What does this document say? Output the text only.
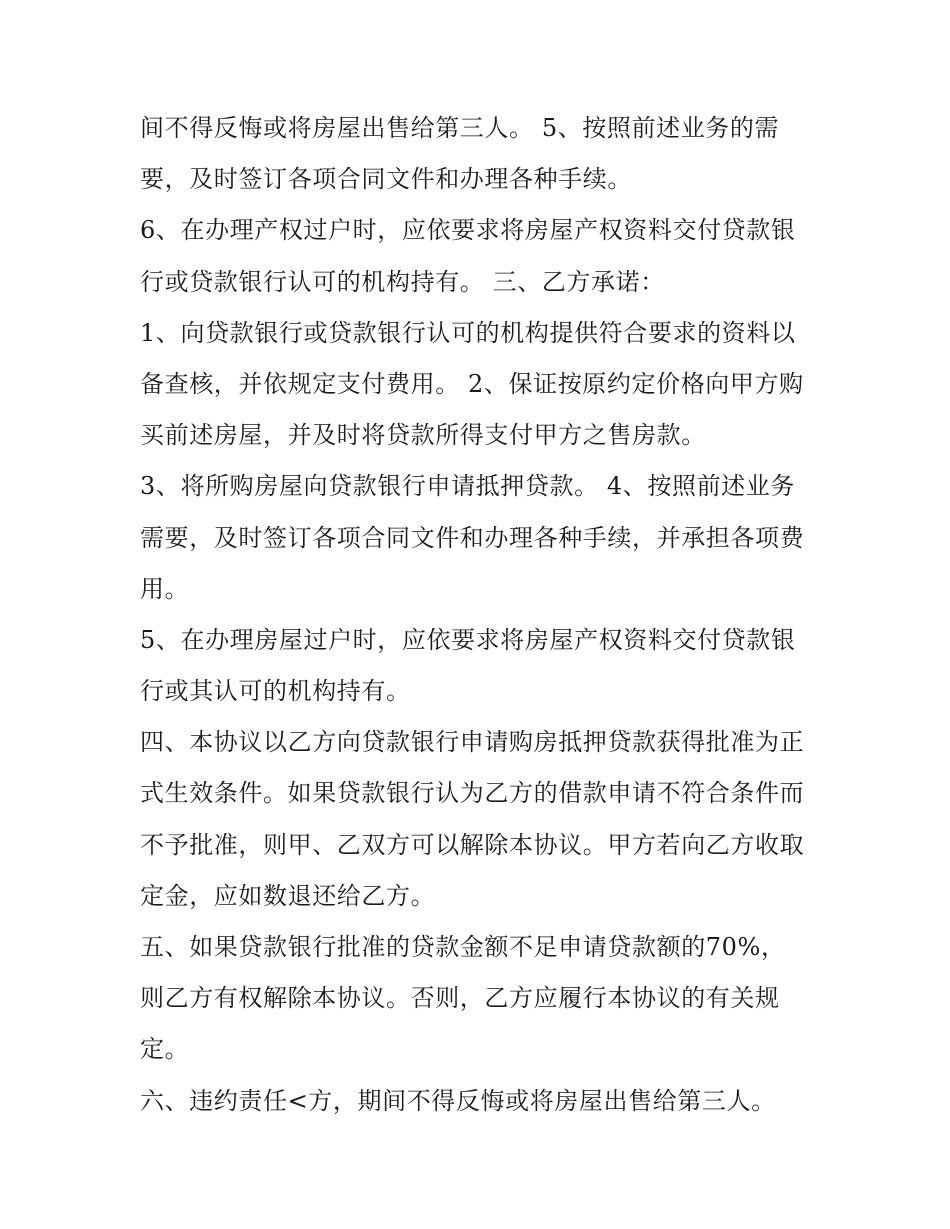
间不得反悔或将房屋出售给第三人。 5、按照前述业务的需
要，及时签订各项合同文件和办理各种手续。
6、在办理产权过户时，应依要求将房屋产权资料交付贷款银
行或贷款银行认可的机构持有。 三、乙方承诺：
1、向贷款银行或贷款银行认可的机构提供符合要求的资料以
备查核，并依规定支付费用。 2、保证按原约定价格向甲方购
买前述房屋，并及时将贷款所得支付甲方之售房款。
3、将所购房屋向贷款银行申请抵押贷款。 4、按照前述业务
需要，及时签订各项合同文件和办理各种手续，并承担各项费
用。
5、在办理房屋过户时，应依要求将房屋产权资料交付贷款银
行或其认可的机构持有。
四、本协议以乙方向贷款银行申请购房抵押贷款获得批准为正
式生效条件。如果贷款银行认为乙方的借款申请不符合条件而
不予批准，则甲、乙双方可以解除本协议。甲方若向乙方收取
定金，应如数退还给乙方。
五、如果贷款银行批准的贷款金额不足申请贷款额的70%，
则乙方有权解除本协议。否则，乙方应履行本协议的有关规
定。
六、违约责任<方，期间不得反悔或将房屋出售给第三人。
